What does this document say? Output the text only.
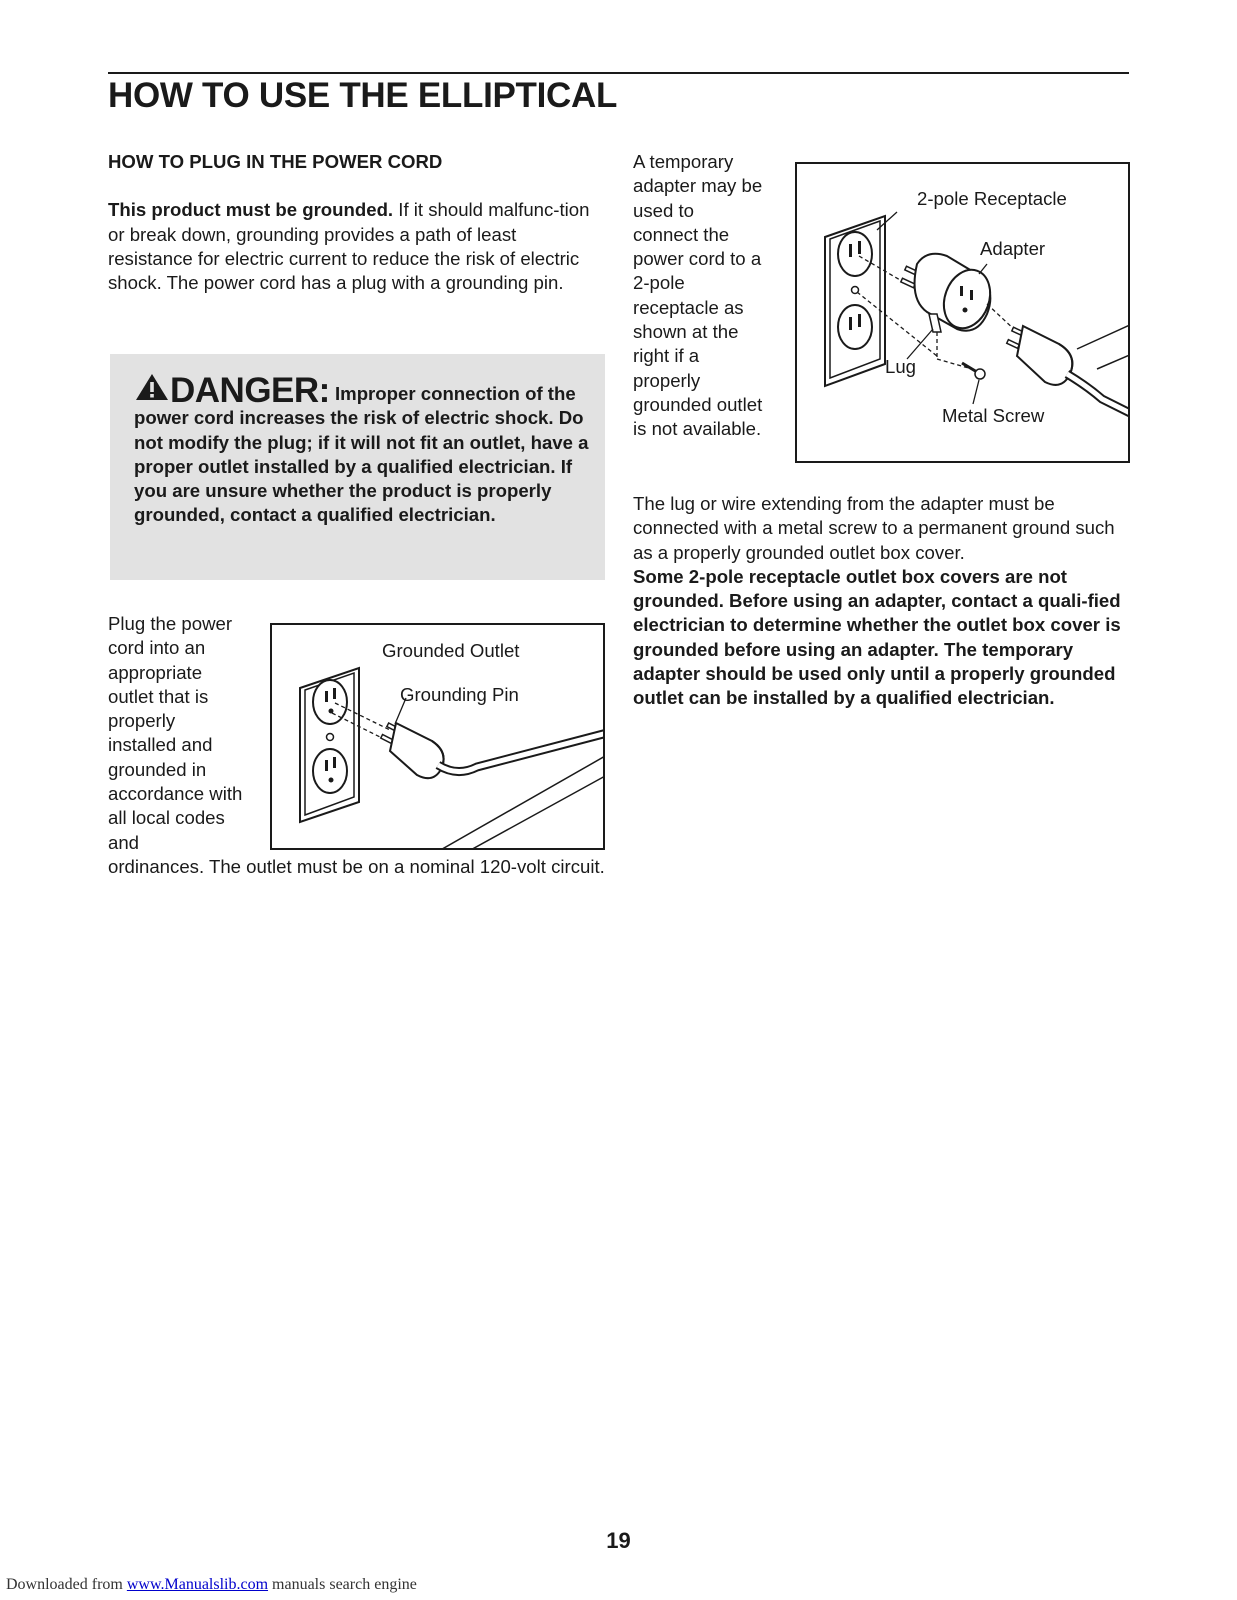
HOW TO USE THE ELLIPTICAL

HOW TO PLUG IN THE POWER CORD

This product must be grounded. If it should malfunc-tion or break down, grounding provides a path of least resistance for electric current to reduce the risk of electric shock. The power cord has a plug with a grounding pin.

DANGER: Improper connection of the power cord increases the risk of electric shock. Do not modify the plug; if it will not fit an outlet, have a proper outlet installed by a qualified electrician. If you are unsure whether the product is properly grounded, contact a qualified electrician.

Plug the power cord into an appropriate outlet that is properly installed and grounded in accordance with all local codes and

ordinances. The outlet must be on a nominal 120-volt circuit.

Grounded Outlet
Grounding Pin
A temporary adapter may be used to connect the power cord to a 2-pole receptacle as shown at the right if a properly grounded outlet is not available.
2-pole Receptacle
Adapter
Lug
Metal Screw

The lug or wire extending from the adapter must be connected with a metal screw to a permanent ground such as a properly grounded outlet box cover.

Some 2-pole receptacle outlet box covers are not grounded. Before using an adapter, contact a quali-fied electrician to determine whether the outlet box cover is grounded before using an adapter. The temporary adapter should be used only until a properly grounded outlet can be installed by a qualified electrician.

19
Downloaded from www.Manualslib.com manuals search engine
